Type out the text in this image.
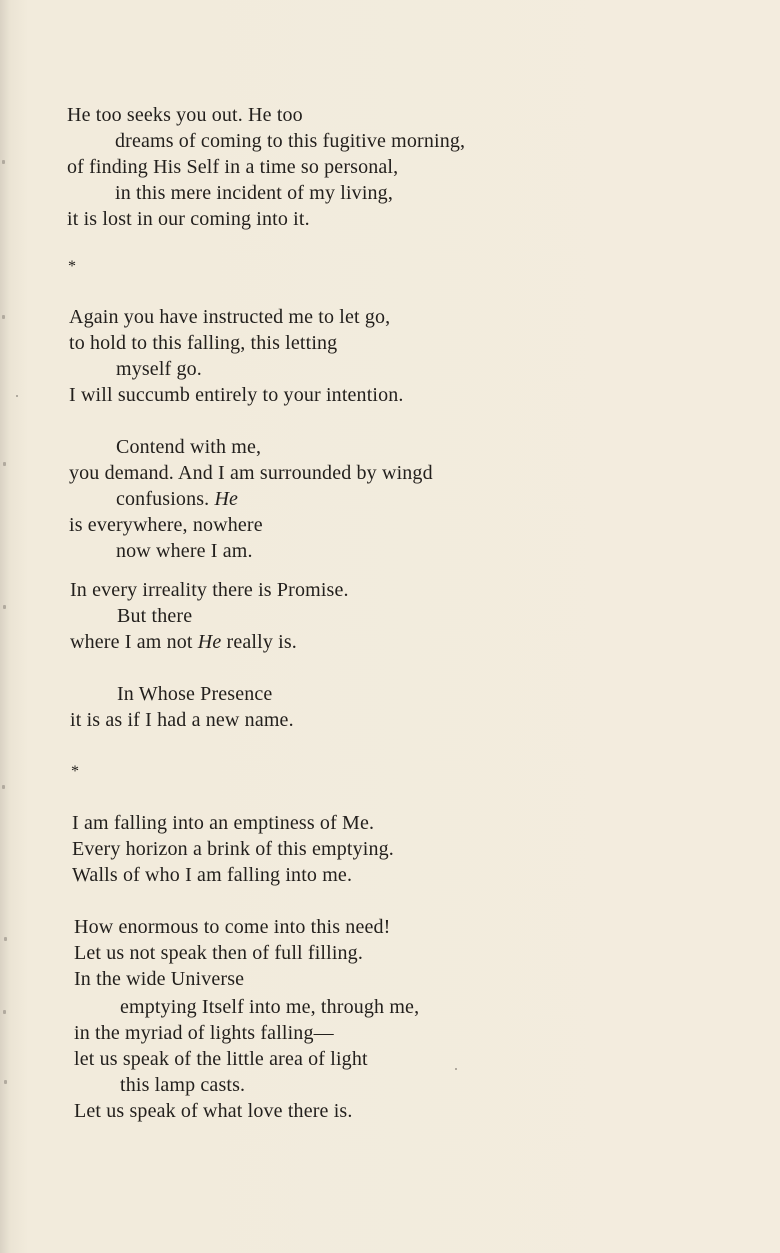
He too seeks you out. He too
dreams of coming to this fugitive morning,
of finding His Self in a time so personal,
in this mere incident of my living,
it is lost in our coming into it.
*
Again you have instructed me to let go,
to hold to this falling, this letting
myself go.
I will succumb entirely to your intention.
Contend with me,
you demand. And I am surrounded by wingd
confusions. He
is everywhere, nowhere
now where I am.
In every irreality there is Promise.
But there
where I am not He really is.
In Whose Presence
it is as if I had a new name.
*
I am falling into an emptiness of Me.
Every horizon a brink of this emptying.
Walls of who I am falling into me.
How enormous to come into this need!
Let us not speak then of full filling.
In the wide Universe
emptying Itself into me, through me,
in the myriad of lights falling—
let us speak of the little area of light
this lamp casts.
Let us speak of what love there is.
